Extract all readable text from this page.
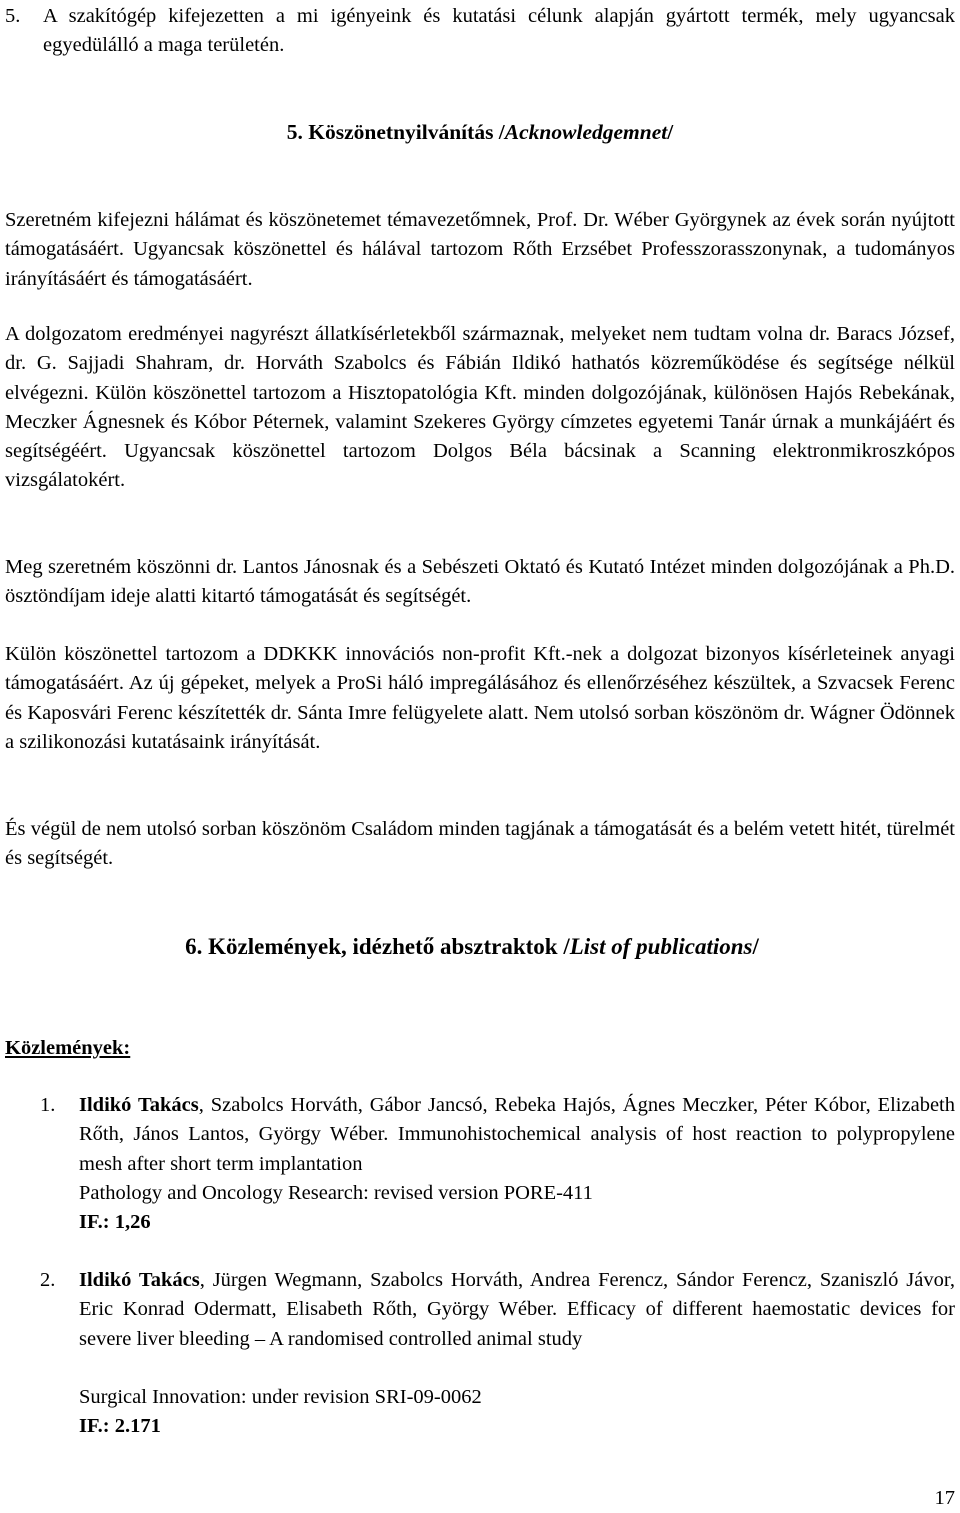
5.	A szakítógép kifejezetten a mi igényeink és kutatási célunk alapján gyártott termék, mely ugyancsak egyedülálló a maga területén.

5. Köszönetnyilvánítás /Acknowledgemnet/

Szeretném kifejezni hálámat és köszönetemet témavezetőmnek, Prof. Dr. Wéber Györgynek az évek során nyújtott támogatásáért. Ugyancsak köszönettel és hálával tartozom Rőth Erzsébet Professzorasszonynak, a tudományos irányításáért és támogatásáért.

A dolgozatom eredményei nagyrészt állatkísérletekből származnak, melyeket nem tudtam volna dr. Baracs József, dr. G. Sajjadi Shahram, dr. Horváth Szabolcs és Fábián Ildikó hathatós közreműködése és segítsége nélkül elvégezni. Külön köszönettel tartozom a Hisztopatológia Kft. minden dolgozójának, különösen Hajós Rebekának, Meczker Ágnesnek és Kóbor Péternek, valamint Szekeres György címzetes egyetemi Tanár úrnak a munkájáért és segítségéért. Ugyancsak köszönettel tartozom Dolgos Béla bácsinak a Scanning elektronmikroszkópos vizsgálatokért.

Meg szeretném köszönni dr. Lantos Jánosnak és a Sebészeti Oktató és Kutató Intézet minden dolgozójának a Ph.D. ösztöndíjam ideje alatti kitartó támogatását és segítségét.

Külön köszönettel tartozom a DDKKK innovációs non-profit Kft.-nek a dolgozat bizonyos kísérleteinek anyagi támogatásáért. Az új gépeket, melyek a ProSi háló impregálásához és ellenőrzéséhez készültek, a Szvacsek Ferenc és Kaposvári Ferenc készítették dr. Sánta Imre felügyelete alatt. Nem utolsó sorban köszönöm dr. Wágner Ödönnek a szilikonozási kutatásaink irányítását.

És végül de nem utolsó sorban köszönöm Családom minden tagjának a támogatását és a belém vetett hitét, türelmét és segítségét.

6. Közlemények, idézhető absztraktok /List of publications/

Közlemények:

1. Ildikó Takács, Szabolcs Horváth, Gábor Jancsó, Rebeka Hajós, Ágnes Meczker, Péter Kóbor, Elizabeth Rőth, János Lantos, György Wéber. Immunohistochemical analysis of host reaction to polypropylene mesh after short term implantation

Pathology and Oncology Research: revised version PORE-411

IF.: 1,26

2. Ildikó Takács, Jürgen Wegmann, Szabolcs Horváth, Andrea Ferencz, Sándor Ferencz, Szaniszló Jávor, Eric Konrad Odermatt, Elisabeth Rőth, György Wéber. Efficacy of different haemostatic devices for severe liver bleeding – A randomised controlled animal study

Surgical Innovation: under revision SRI-09-0062

IF.: 2.171

17
